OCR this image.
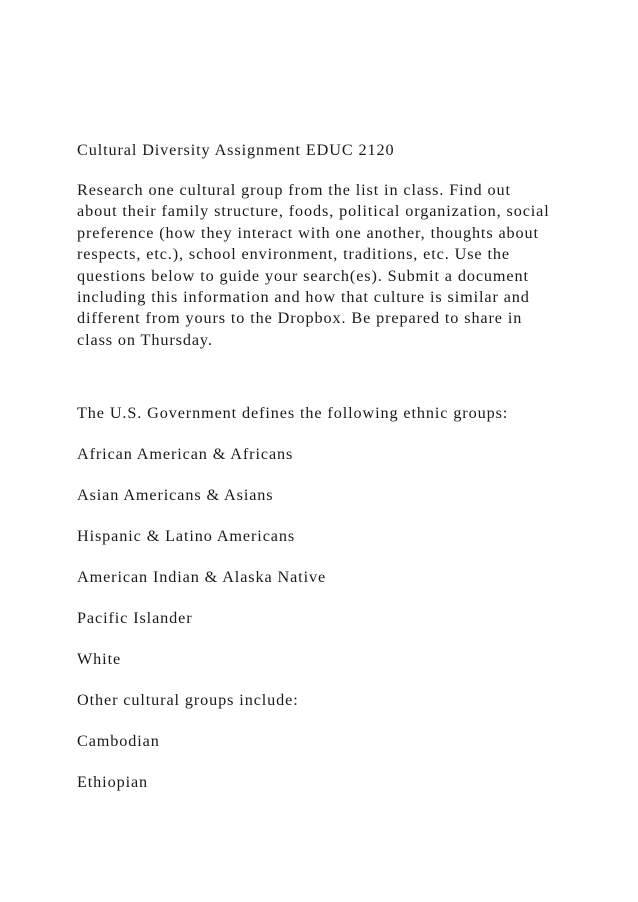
Cultural Diversity Assignment EDUC 2120

Research one cultural group from the list in class. Find out
about their family structure, foods, political organization, social
preference (how they interact with one another, thoughts about
respects, etc.), school environment, traditions, etc. Use the
questions below to guide your search(es). Submit a document
including this information and how that culture is similar and
different from yours to the Dropbox. Be prepared to share in
class on Thursday.

The U.S. Government defines the following ethnic groups:

African American & Africans

Asian Americans & Asians

Hispanic & Latino Americans

American Indian & Alaska Native

Pacific Islander

White

Other cultural groups include:

Cambodian

Ethiopian
